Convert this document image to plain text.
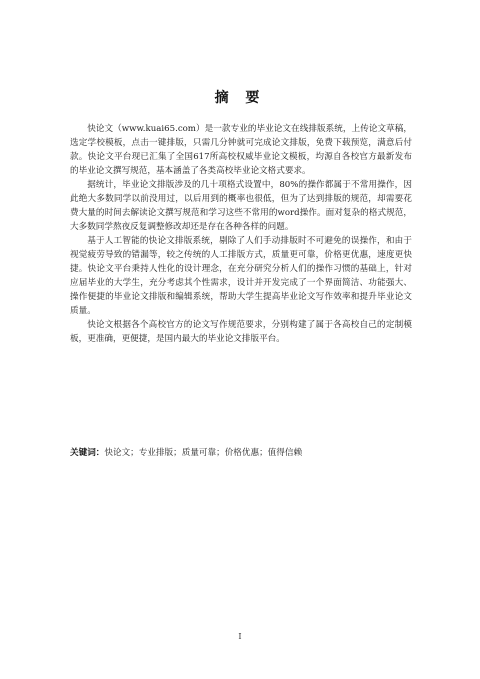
摘 要

快论文（www.kuai65.com）是一款专业的毕业论文在线排版系统，上传论文草稿，选定学校模板，点击一键排版，只需几分钟就可完成论文排版，免费下载预览，满意后付款。快论文平台现已汇集了全国617所高校权威毕业论文模板，均源自各校官方最新发布的毕业论文撰写规范，基本涵盖了各类高校毕业论文格式要求。

据统计，毕业论文排版涉及的几十项格式设置中，80%的操作都属于不常用操作，因此绝大多数同学以前没用过，以后用到的概率也很低，但为了达到排版的规范，却需要花费大量的时间去解读论文撰写规范和学习这些不常用的word操作。面对复杂的格式规范，大多数同学熬夜反复调整修改却还是存在各种各样的问题。

基于人工智能的快论文排版系统，剔除了人们手动排版时不可避免的误操作，和由于视觉疲劳导致的错漏等，较之传统的人工排版方式，质量更可靠，价格更优惠，速度更快捷。快论文平台秉持人性化的设计理念，在充分研究分析人们的操作习惯的基础上，针对应届毕业的大学生，充分考虑其个性需求，设计并开发完成了一个界面简洁、功能强大、操作便捷的毕业论文排版和编辑系统，帮助大学生提高毕业论文写作效率和提升毕业论文质量。

快论文根据各个高校官方的论文写作规范要求，分别构建了属于各高校自己的定制模板，更准确，更便捷，是国内最大的毕业论文排版平台。

关键词：快论文；专业排版；质量可靠；价格优惠；值得信赖
I
